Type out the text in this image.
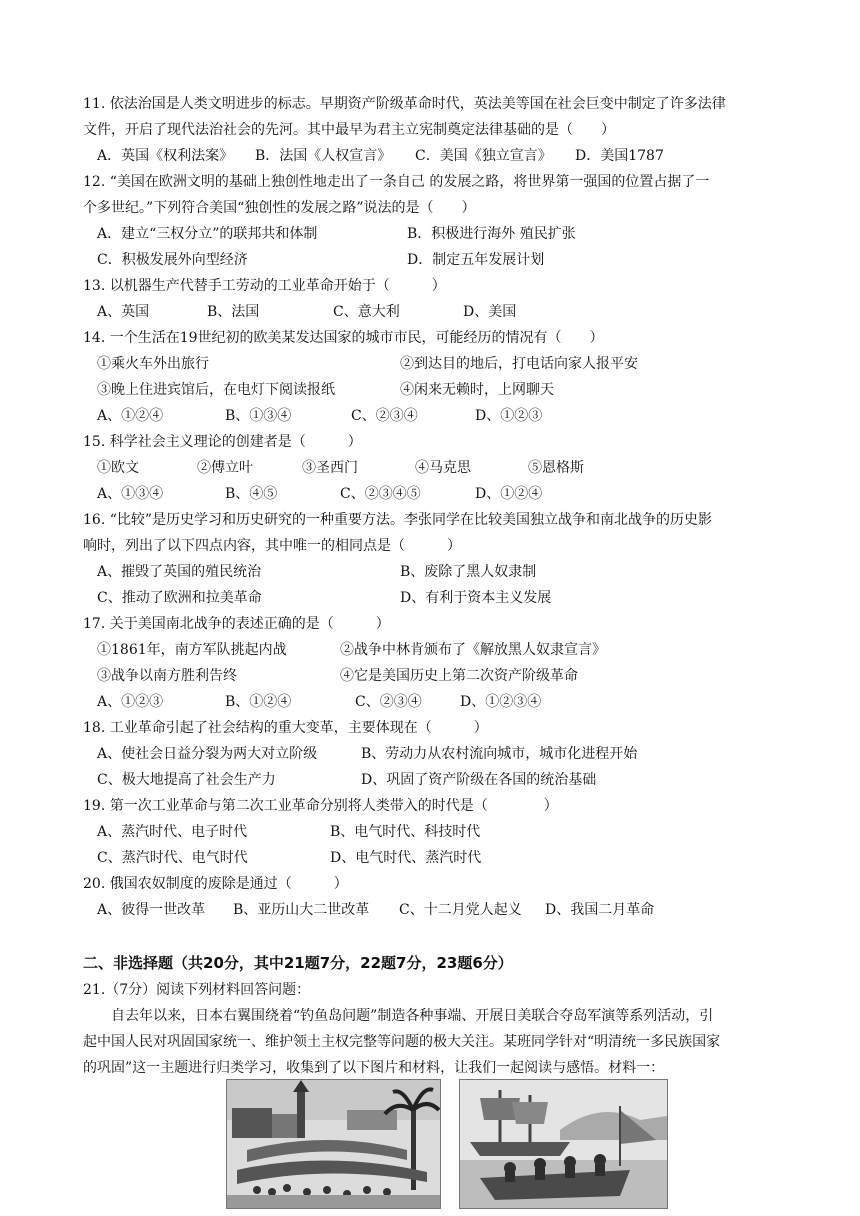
11. 依法治国是人类文明进步的标志。早期资产阶级革命时代，英法美等国在社会巨变中制定了许多法律
文件，开启了现代法治社会的先河。其中最早为君主立宪制奠定法律基础的是（　　）
A．英国《权利法案》 B．法国《人权宣言》 C．美国《独立宣言》 D．美国1787
12. “美国在欧洲文明的基础上独创性地走出了一条自己 的发展之路，将世界第一强国的位置占据了一
个多世纪。”下列符合美国“独创性的发展之路”说法的是（　　）
A．建立“三权分立”的联邦共和体制	B．积极进行海外 殖民扩张
C．积极发展外向型经济	D．制定五年发展计划
13. 以机器生产代替手工劳动的工业革命开始于（　　　）
A、英国	B、法国	C、意大利	D、美国
14. 一个生活在19世纪初的欧美某发达国家的城市市民，可能经历的情况有（　　）
①乘火车外出旅行	②到达目的地后，打电话向家人报平安
③晚上住进宾馆后，在电灯下阅读报纸	④闲来无赖时，上网聊天
A、①②④	B、①③④	C、②③④	D、①②③
15. 科学社会主义理论的创建者是（　　　）
①欧文	②傅立叶	③圣西门	④马克思	⑤恩格斯
A、①③④	B、④⑤	C、②③④⑤	D、①②④
16. “比较”是历史学习和历史研究的一种重要方法。李张同学在比较美国独立战争和南北战争的历史影
响时，列出了以下四点内容，其中唯一的相同点是（　　　）
A、摧毁了英国的殖民统治	B、废除了黑人奴隶制
C、推动了欧洲和拉美革命	D、有利于资本主义发展
17. 关于美国南北战争的表述正确的是（　　　）
①1861年，南方军队挑起内战	②战争中林肯颁布了《解放黑人奴隶宣言》
③战争以南方胜利告终	④它是美国历史上第二次资产阶级革命
A、①②③	B、①②④	C、②③④	D、①②③④
18. 工业革命引起了社会结构的重大变革，主要体现在（　　　）
A、使社会日益分裂为两大对立阶级	B、劳动力从农村流向城市，城市化进程开始
C、极大地提高了社会生产力	D、巩固了资产阶级在各国的统治基础
19. 第一次工业革命与第二次工业革命分别将人类带入的时代是（　　　　）
A、蒸汽时代、电子时代	B、电气时代、科技时代
C、蒸汽时代、电气时代	D、电气时代、蒸汽时代
20. 俄国农奴制度的废除是通过（　　　）
A、彼得一世改革 B、亚历山大二世改革 C、十二月党人起义 D、我国二月革命
二、非选择题（共20分，其中21题7分，22题7分，23题6分）
21.（7分）阅读下列材料回答问题：
自去年以来，日本右翼围绕着“钓鱼岛问题”制造各种事端、开展日美联合夺岛军演等系列活动，引
起中国人民对巩固国家统一、维护领土主权完整等问题的极大关注。某班同学针对“明清统一多民族国家
的巩固”这一主题进行归类学习，收集到了以下图片和材料，让我们一起阅读与感悟。材料一：
